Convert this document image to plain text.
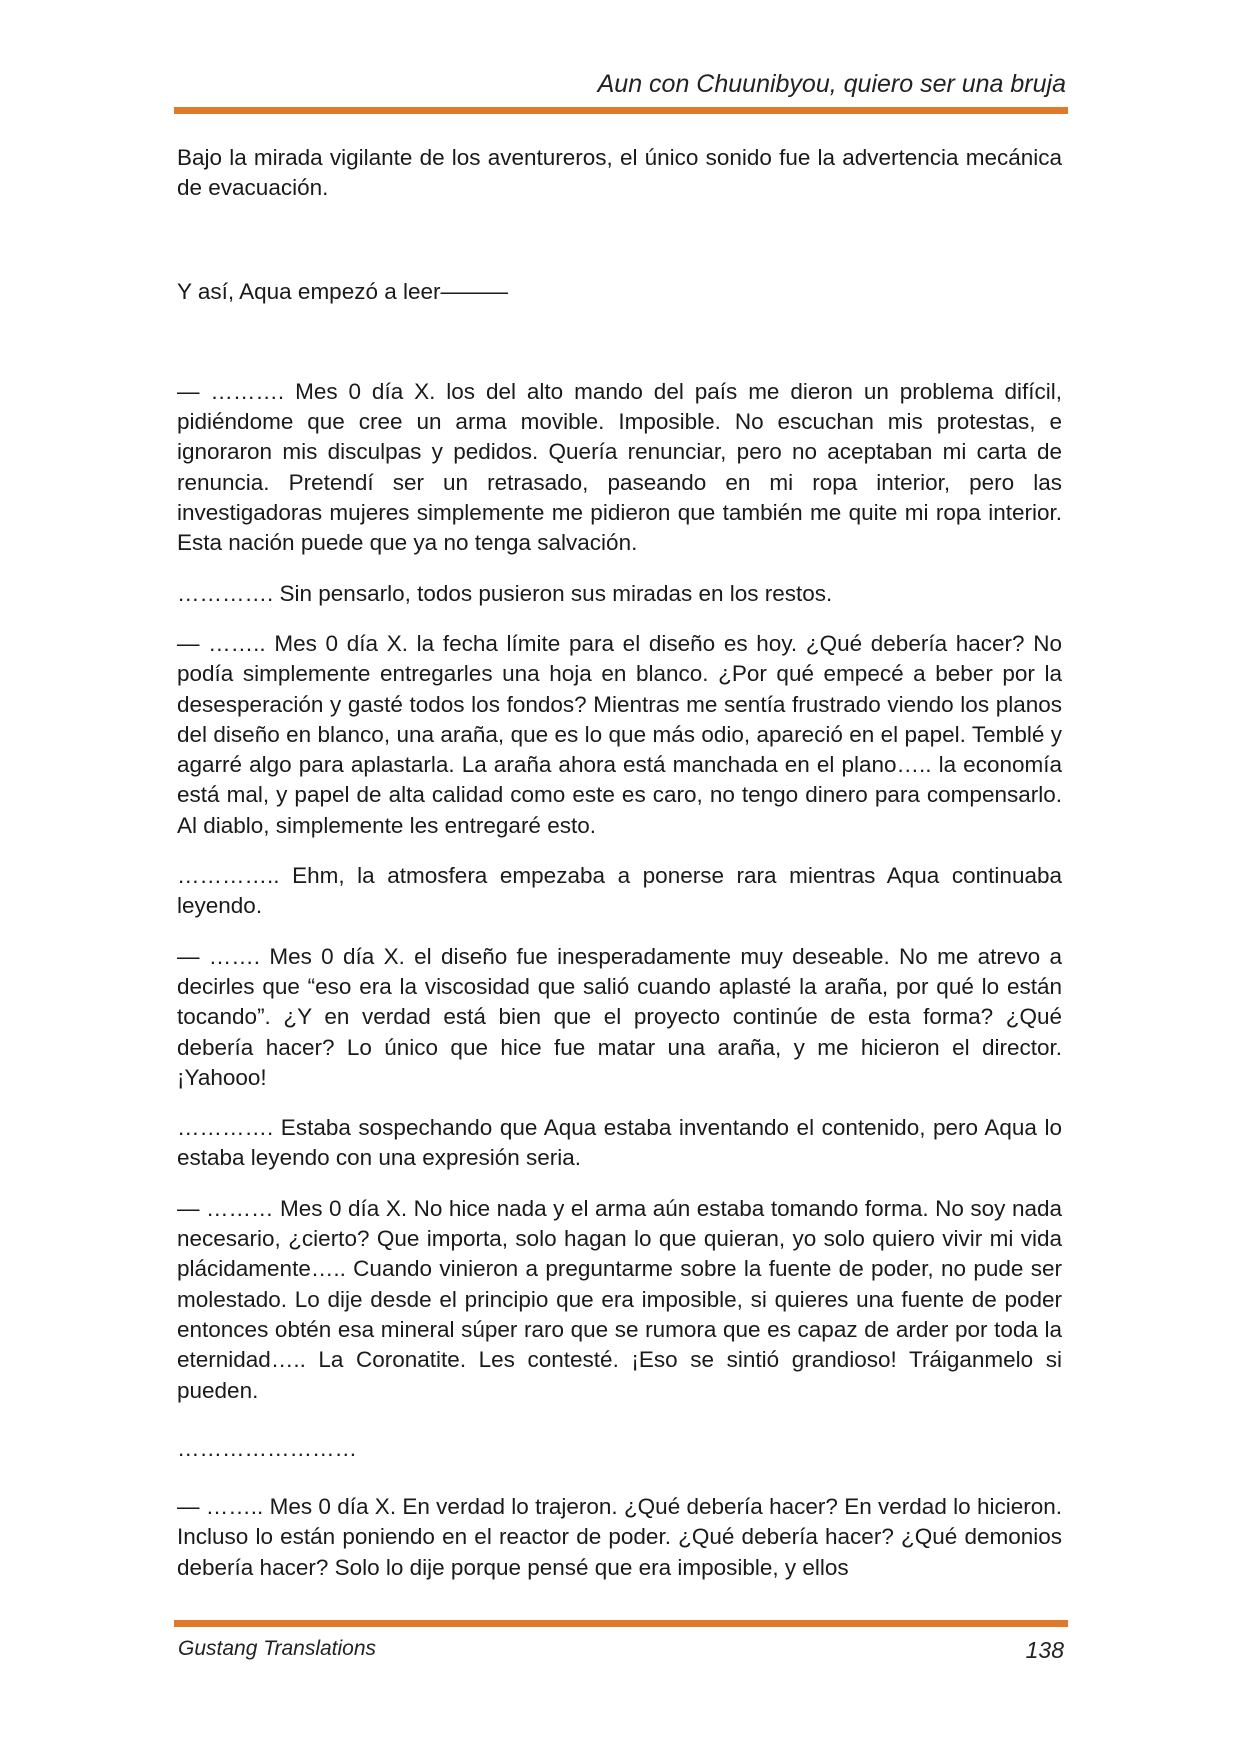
Aun con Chuunibyou, quiero ser una bruja

Bajo la mirada vigilante de los aventureros, el único sonido fue la advertencia mecánica de evacuación.

Y así, Aqua empezó a leer———

— ………. Mes 0 día X. los del alto mando del país me dieron un problema difícil, pidiéndome que cree un arma movible. Imposible. No escuchan mis protestas, e ignoraron mis disculpas y pedidos. Quería renunciar, pero no aceptaban mi carta de renuncia. Pretendí ser un retrasado, paseando en mi ropa interior, pero las investigadoras mujeres simplemente me pidieron que también me quite mi ropa interior. Esta nación puede que ya no tenga salvación.

…………. Sin pensarlo, todos pusieron sus miradas en los restos.

— …….. Mes 0 día X. la fecha límite para el diseño es hoy. ¿Qué debería hacer? No podía simplemente entregarles una hoja en blanco. ¿Por qué empecé a beber por la desesperación y gasté todos los fondos? Mientras me sentía frustrado viendo los planos del diseño en blanco, una araña, que es lo que más odio, apareció en el papel. Temblé y agarré algo para aplastarla. La araña ahora está manchada en el plano….. la economía está mal, y papel de alta calidad como este es caro, no tengo dinero para compensarlo. Al diablo, simplemente les entregaré esto.

………….. Ehm, la atmosfera empezaba a ponerse rara mientras Aqua continuaba leyendo.

— ……. Mes 0 día X. el diseño fue inesperadamente muy deseable. No me atrevo a decirles que “eso era la viscosidad que salió cuando aplasté la araña, por qué lo están tocando”. ¿Y en verdad está bien que el proyecto continúe de esta forma? ¿Qué debería hacer? Lo único que hice fue matar una araña, y me hicieron el director. ¡Yahooo!

…………. Estaba sospechando que Aqua estaba inventando el contenido, pero Aqua lo estaba leyendo con una expresión seria.

— ……… Mes 0 día X. No hice nada y el arma aún estaba tomando forma. No soy nada necesario, ¿cierto? Que importa, solo hagan lo que quieran, yo solo quiero vivir mi vida plácidamente….. Cuando vinieron a preguntarme sobre la fuente de poder, no pude ser molestado. Lo dije desde el principio que era imposible, si quieres una fuente de poder entonces obtén esa mineral súper raro que se rumora que es capaz de arder por toda la eternidad….. La Coronatite. Les contesté. ¡Eso se sintió grandioso! Tráiganmelo si pueden.

……………………

— …….. Mes 0 día X. En verdad lo trajeron. ¿Qué debería hacer? En verdad lo hicieron. Incluso lo están poniendo en el reactor de poder. ¿Qué debería hacer? ¿Qué demonios debería hacer? Solo lo dije porque pensé que era imposible, y ellos

Gustang Translations	138
